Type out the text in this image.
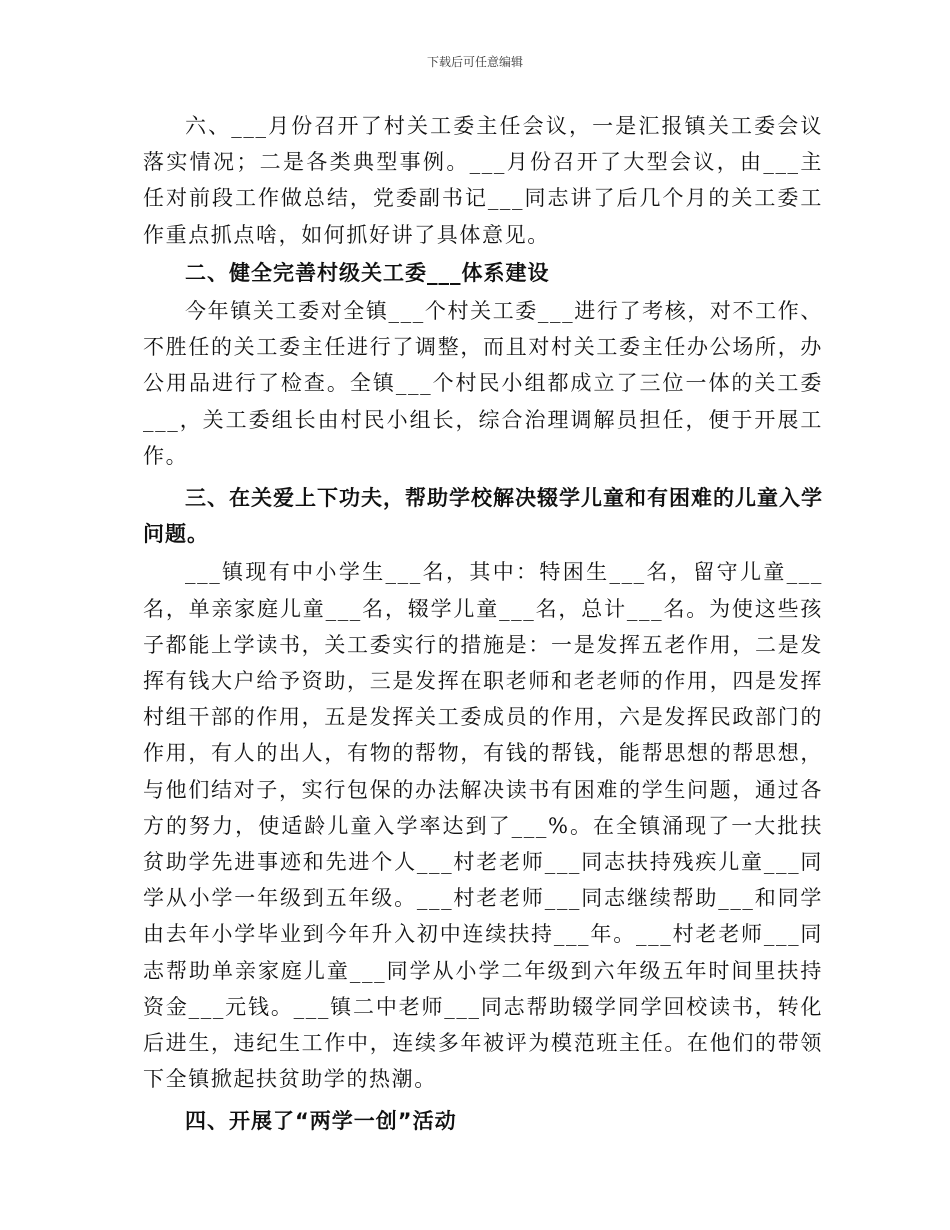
下载后可任意编辑

六、___月份召开了村关工委主任会议，一是汇报镇关工委会议落实情况；二是各类典型事例。___月份召开了大型会议，由___主任对前段工作做总结，党委副书记___同志讲了后几个月的关工委工作重点抓点啥，如何抓好讲了具体意见。

二、健全完善村级关工委___体系建设

今年镇关工委对全镇___个村关工委___进行了考核，对不工作、不胜任的关工委主任进行了调整，而且对村关工委主任办公场所，办公用品进行了检查。全镇___个村民小组都成立了三位一体的关工委___，关工委组长由村民小组长，综合治理调解员担任，便于开展工作。

三、在关爱上下功夫，帮助学校解决辍学儿童和有困难的儿童入学问题。

___镇现有中小学生___名，其中：特困生___名，留守儿童___名，单亲家庭儿童___名，辍学儿童___名，总计___名。为使这些孩子都能上学读书，关工委实行的措施是：一是发挥五老作用，二是发挥有钱大户给予资助，三是发挥在职老师和老老师的作用，四是发挥村组干部的作用，五是发挥关工委成员的作用，六是发挥民政部门的作用，有人的出人，有物的帮物，有钱的帮钱，能帮思想的帮思想，与他们结对子，实行包保的办法解决读书有困难的学生问题，通过各方的努力，使适龄儿童入学率达到了___%。在全镇涌现了一大批扶贫助学先进事迹和先进个人___村老老师___同志扶持残疾儿童___同学从小学一年级到五年级。___村老老师___同志继续帮助___和同学由去年小学毕业到今年升入初中连续扶持___年。___村老老师___同志帮助单亲家庭儿童___同学从小学二年级到六年级五年时间里扶持资金___元钱。___镇二中老师___同志帮助辍学同学回校读书，转化后进生，违纪生工作中，连续多年被评为模范班主任。在他们的带领下全镇掀起扶贫助学的热潮。

四、开展了“两学一创”活动
